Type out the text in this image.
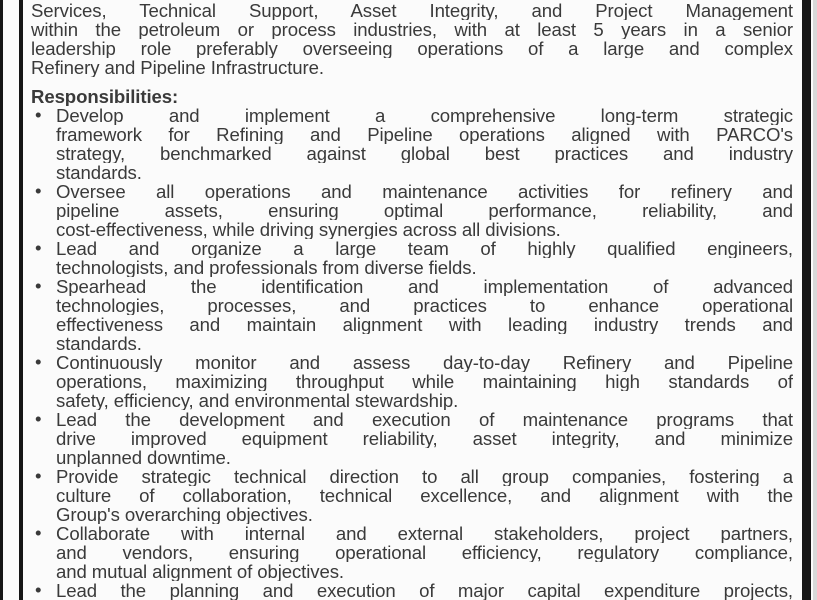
Services, Technical Support, Asset Integrity, and Project Management
within the petroleum or process industries, with at least 5 years in a senior
leadership role preferably overseeing operations of a large and complex
Refinery and Pipeline Infrastructure.
Responsibilities:
• Develop and implement a comprehensive long-term strategic
framework for Refining and Pipeline operations aligned with PARCO's
strategy, benchmarked against global best practices and industry
standards.
• Oversee all operations and maintenance activities for refinery and
pipeline assets, ensuring optimal performance, reliability, and
cost-effectiveness, while driving synergies across all divisions.
• Lead and organize a large team of highly qualified engineers,
technologists, and professionals from diverse fields.
• Spearhead the identification and implementation of advanced
technologies, processes, and practices to enhance operational
effectiveness and maintain alignment with leading industry trends and
standards.
• Continuously monitor and assess day-to-day Refinery and Pipeline
operations, maximizing throughput while maintaining high standards of
safety, efficiency, and environmental stewardship.
• Lead the development and execution of maintenance programs that
drive improved equipment reliability, asset integrity, and minimize
unplanned downtime.
• Provide strategic technical direction to all group companies, fostering a
culture of collaboration, technical excellence, and alignment with the
Group's overarching objectives.
• Collaborate with internal and external stakeholders, project partners,
and vendors, ensuring operational efficiency, regulatory compliance,
and mutual alignment of objectives.
• Lead the planning and execution of major capital expenditure projects,
